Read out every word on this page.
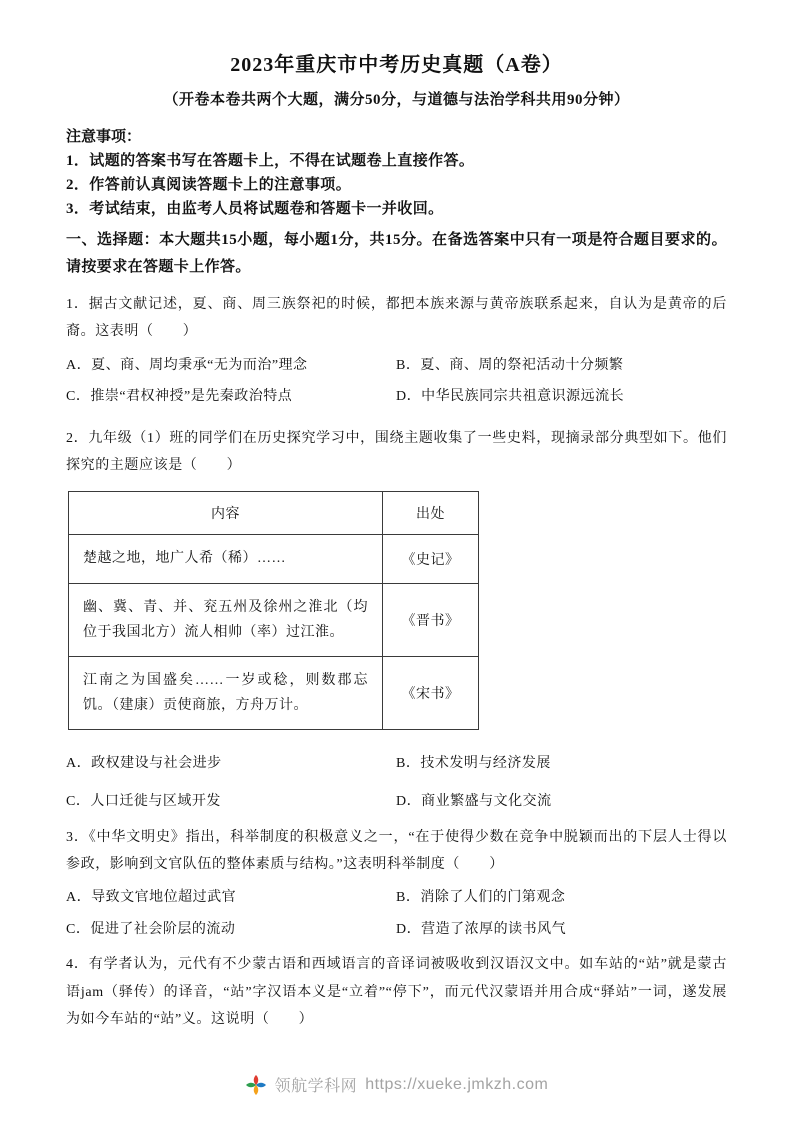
2023年重庆市中考历史真题（A卷）
（开卷本卷共两个大题，满分50分，与道德与法治学科共用90分钟）
注意事项：
1．试题的答案书写在答题卡上，不得在试题卷上直接作答。
2．作答前认真阅读答题卡上的注意事项。
3．考试结束，由监考人员将试题卷和答题卡一并收回。
一、选择题：本大题共15小题，每小题1分，共15分。在备选答案中只有一项是符合题目要求的。请按要求在答题卡上作答。
1．据古文献记述，夏、商、周三族祭祀的时候，都把本族来源与黄帝族联系起来，自认为是黄帝的后裔。这表明（　　）
A．夏、商、周均秉承“无为而治”理念	B．夏、商、周的祭祀活动十分频繁
C．推崇“君权神授”是先秦政治特点	D．中华民族同宗共祖意识源远流长
2．九年级（1）班的同学们在历史探究学习中，围绕主题收集了一些史料，现摘录部分典型如下。他们探究的主题应该是（　　）
内容	出处
楚越之地，地广人希（稀）……	《史记》
幽、冀、青、并、兖五州及徐州之淮北（均位于我国北方）流人相帅（率）过江淮。	《晋书》
江南之为国盛矣……一岁或稔，则数郡忘饥。（建康）贡使商旅，方舟万计。	《宋书》
A．政权建设与社会进步	B．技术发明与经济发展
C．人口迁徙与区域开发	D．商业繁盛与文化交流
3．《中华文明史》指出，科举制度的积极意义之一，“在于使得少数在竞争中脱颖而出的下层人士得以参政，影响到文官队伍的整体素质与结构。”这表明科举制度（　　）
A．导致文官地位超过武官	B．消除了人们的门第观念
C．促进了社会阶层的流动	D．营造了浓厚的读书风气
4．有学者认为，元代有不少蒙古语和西域语言的音译词被吸收到汉语汉文中。如车站的“站”就是蒙古语jam（驿传）的译音，“站”字汉语本义是“立着”“停下”，而元代汉蒙语并用合成“驿站”一词，遂发展为如今车站的“站”义。这说明（　　）
领航学科网 https://xueke.jmkzh.com
